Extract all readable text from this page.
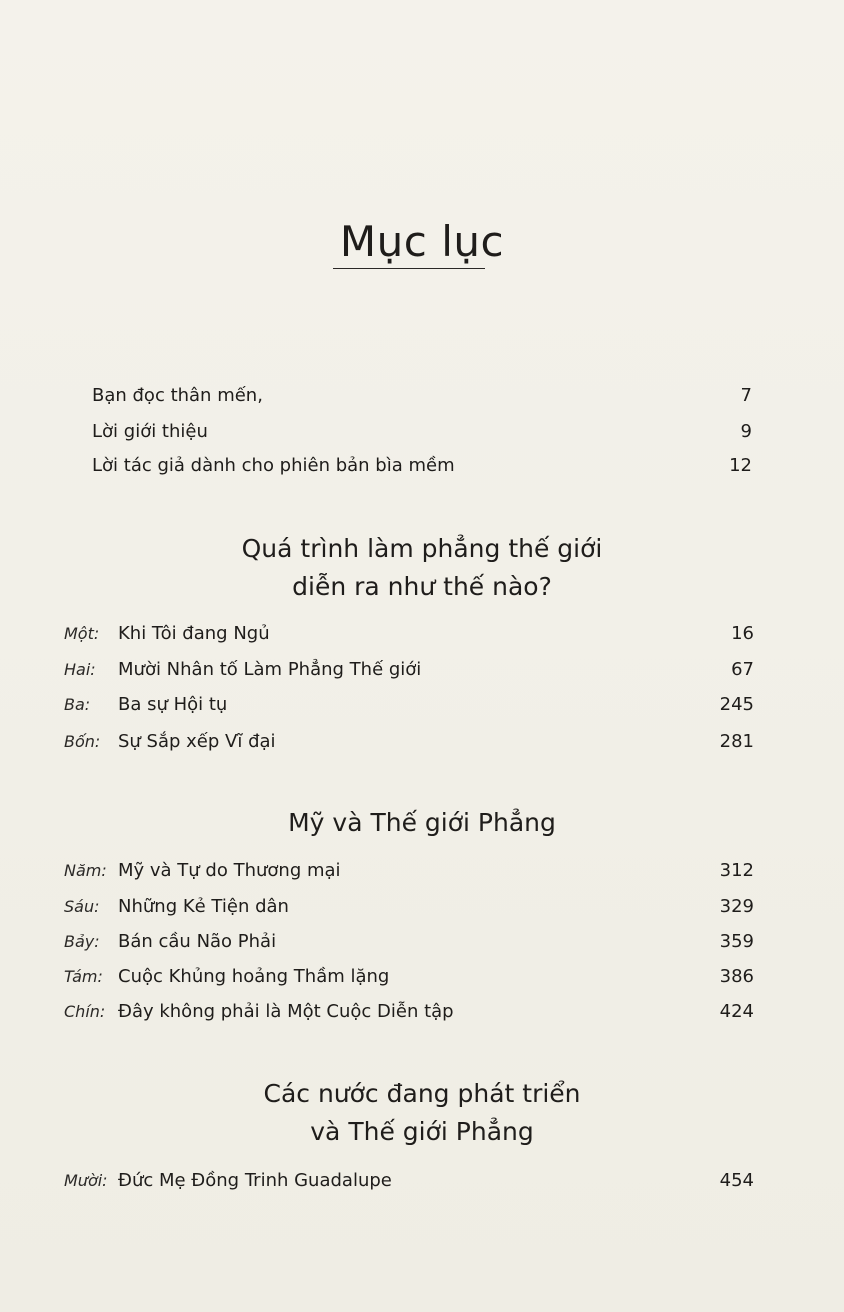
Mục lục
Bạn đọc thân mến,	7
Lời giới thiệu	9
Lời tác giả dành cho phiên bản bìa mềm	12
Quá trình làm phẳng thế giới
diễn ra như thế nào?
Một: Khi Tôi đang Ngủ	16
Hai: Mười Nhân tố Làm Phẳng Thế giới	67
Ba: Ba sự Hội tụ	245
Bốn: Sự Sắp xếp Vĩ đại	281
Mỹ và Thế giới Phẳng
Năm: Mỹ và Tự do Thương mại	312
Sáu: Những Kẻ Tiện dân	329
Bảy: Bán cầu Não Phải	359
Tám: Cuộc Khủng hoảng Thầm lặng	386
Chín: Đây không phải là Một Cuộc Diễn tập	424
Các nước đang phát triển
và Thế giới Phẳng
Mười: Đức Mẹ Đồng Trinh Guadalupe	454
